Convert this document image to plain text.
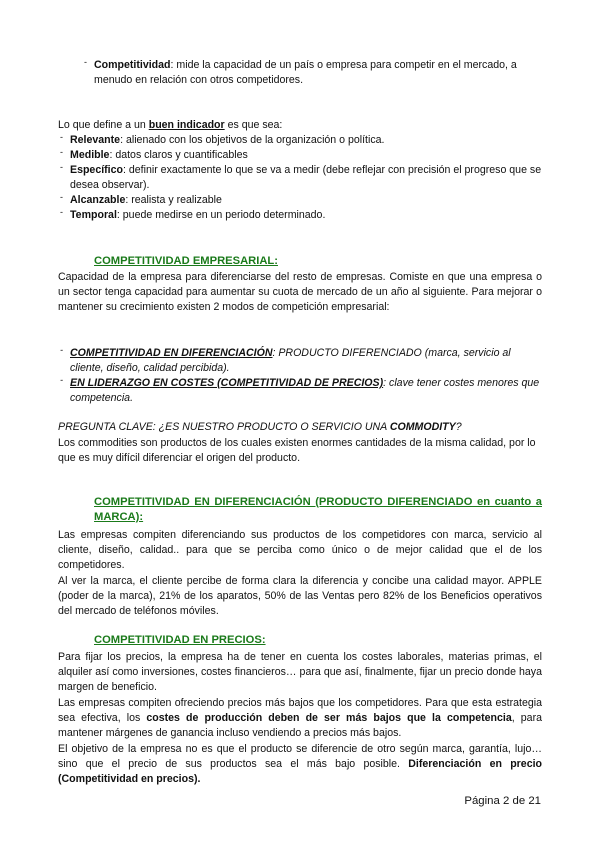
- Competitividad: mide la capacidad de un país o empresa para competir en el mercado, a menudo en relación con otros competidores.
Lo que define a un buen indicador es que sea:
- Relevante: alienado con los objetivos de la organización o política.
- Medible: datos claros y cuantificables
- Específico: definir exactamente lo que se va a medir (debe reflejar con precisión el progreso que se desea observar).
- Alcanzable: realista y realizable
- Temporal: puede medirse en un periodo determinado.
COMPETITIVIDAD EMPRESARIAL:
Capacidad de la empresa para diferenciarse del resto de empresas. Comiste en que una empresa o un sector tenga capacidad para aumentar su cuota de mercado de un año al siguiente. Para mejorar o mantener su crecimiento existen 2 modos de competición empresarial:
- COMPETITIVIDAD EN DIFERENCIACIÓN: PRODUCTO DIFERENCIADO (marca, servicio al cliente, diseño, calidad percibida).
- EN LIDERAZGO EN COSTES (COMPETITIVIDAD DE PRECIOS): clave tener costes menores que competencia.
PREGUNTA CLAVE: ¿ES NUESTRO PRODUCTO O SERVICIO UNA COMMODITY?
Los commodities son productos de los cuales existen enormes cantidades de la misma calidad, por lo que es muy difícil diferenciar el origen del producto.
COMPETITIVIDAD EN DIFERENCIACIÓN (PRODUCTO DIFERENCIADO en cuanto a MARCA):
Las empresas compiten diferenciando sus productos de los competidores con marca, servicio al cliente, diseño, calidad.. para que se perciba como único o de mejor calidad que el de los competidores.
Al ver la marca, el cliente percibe de forma clara la diferencia y concibe una calidad mayor. APPLE (poder de la marca), 21% de los aparatos, 50% de las Ventas pero 82% de los Beneficios operativos del mercado de teléfonos móviles.
COMPETITIVIDAD EN PRECIOS:
Para fijar los precios, la empresa ha de tener en cuenta los costes laborales, materias primas, el alquiler así como inversiones, costes financieros… para que así, finalmente, fijar un precio donde haya margen de beneficio.
Las empresas compiten ofreciendo precios más bajos que los competidores. Para que esta estrategia sea efectiva, los costes de producción deben de ser más bajos que la competencia, para mantener márgenes de ganancia incluso vendiendo a precios más bajos.
El objetivo de la empresa no es que el producto se diferencie de otro según marca, garantía, lujo… sino que el precio de sus productos sea el más bajo posible. Diferenciación en precio (Competitividad en precios).
Página 2 de 21
